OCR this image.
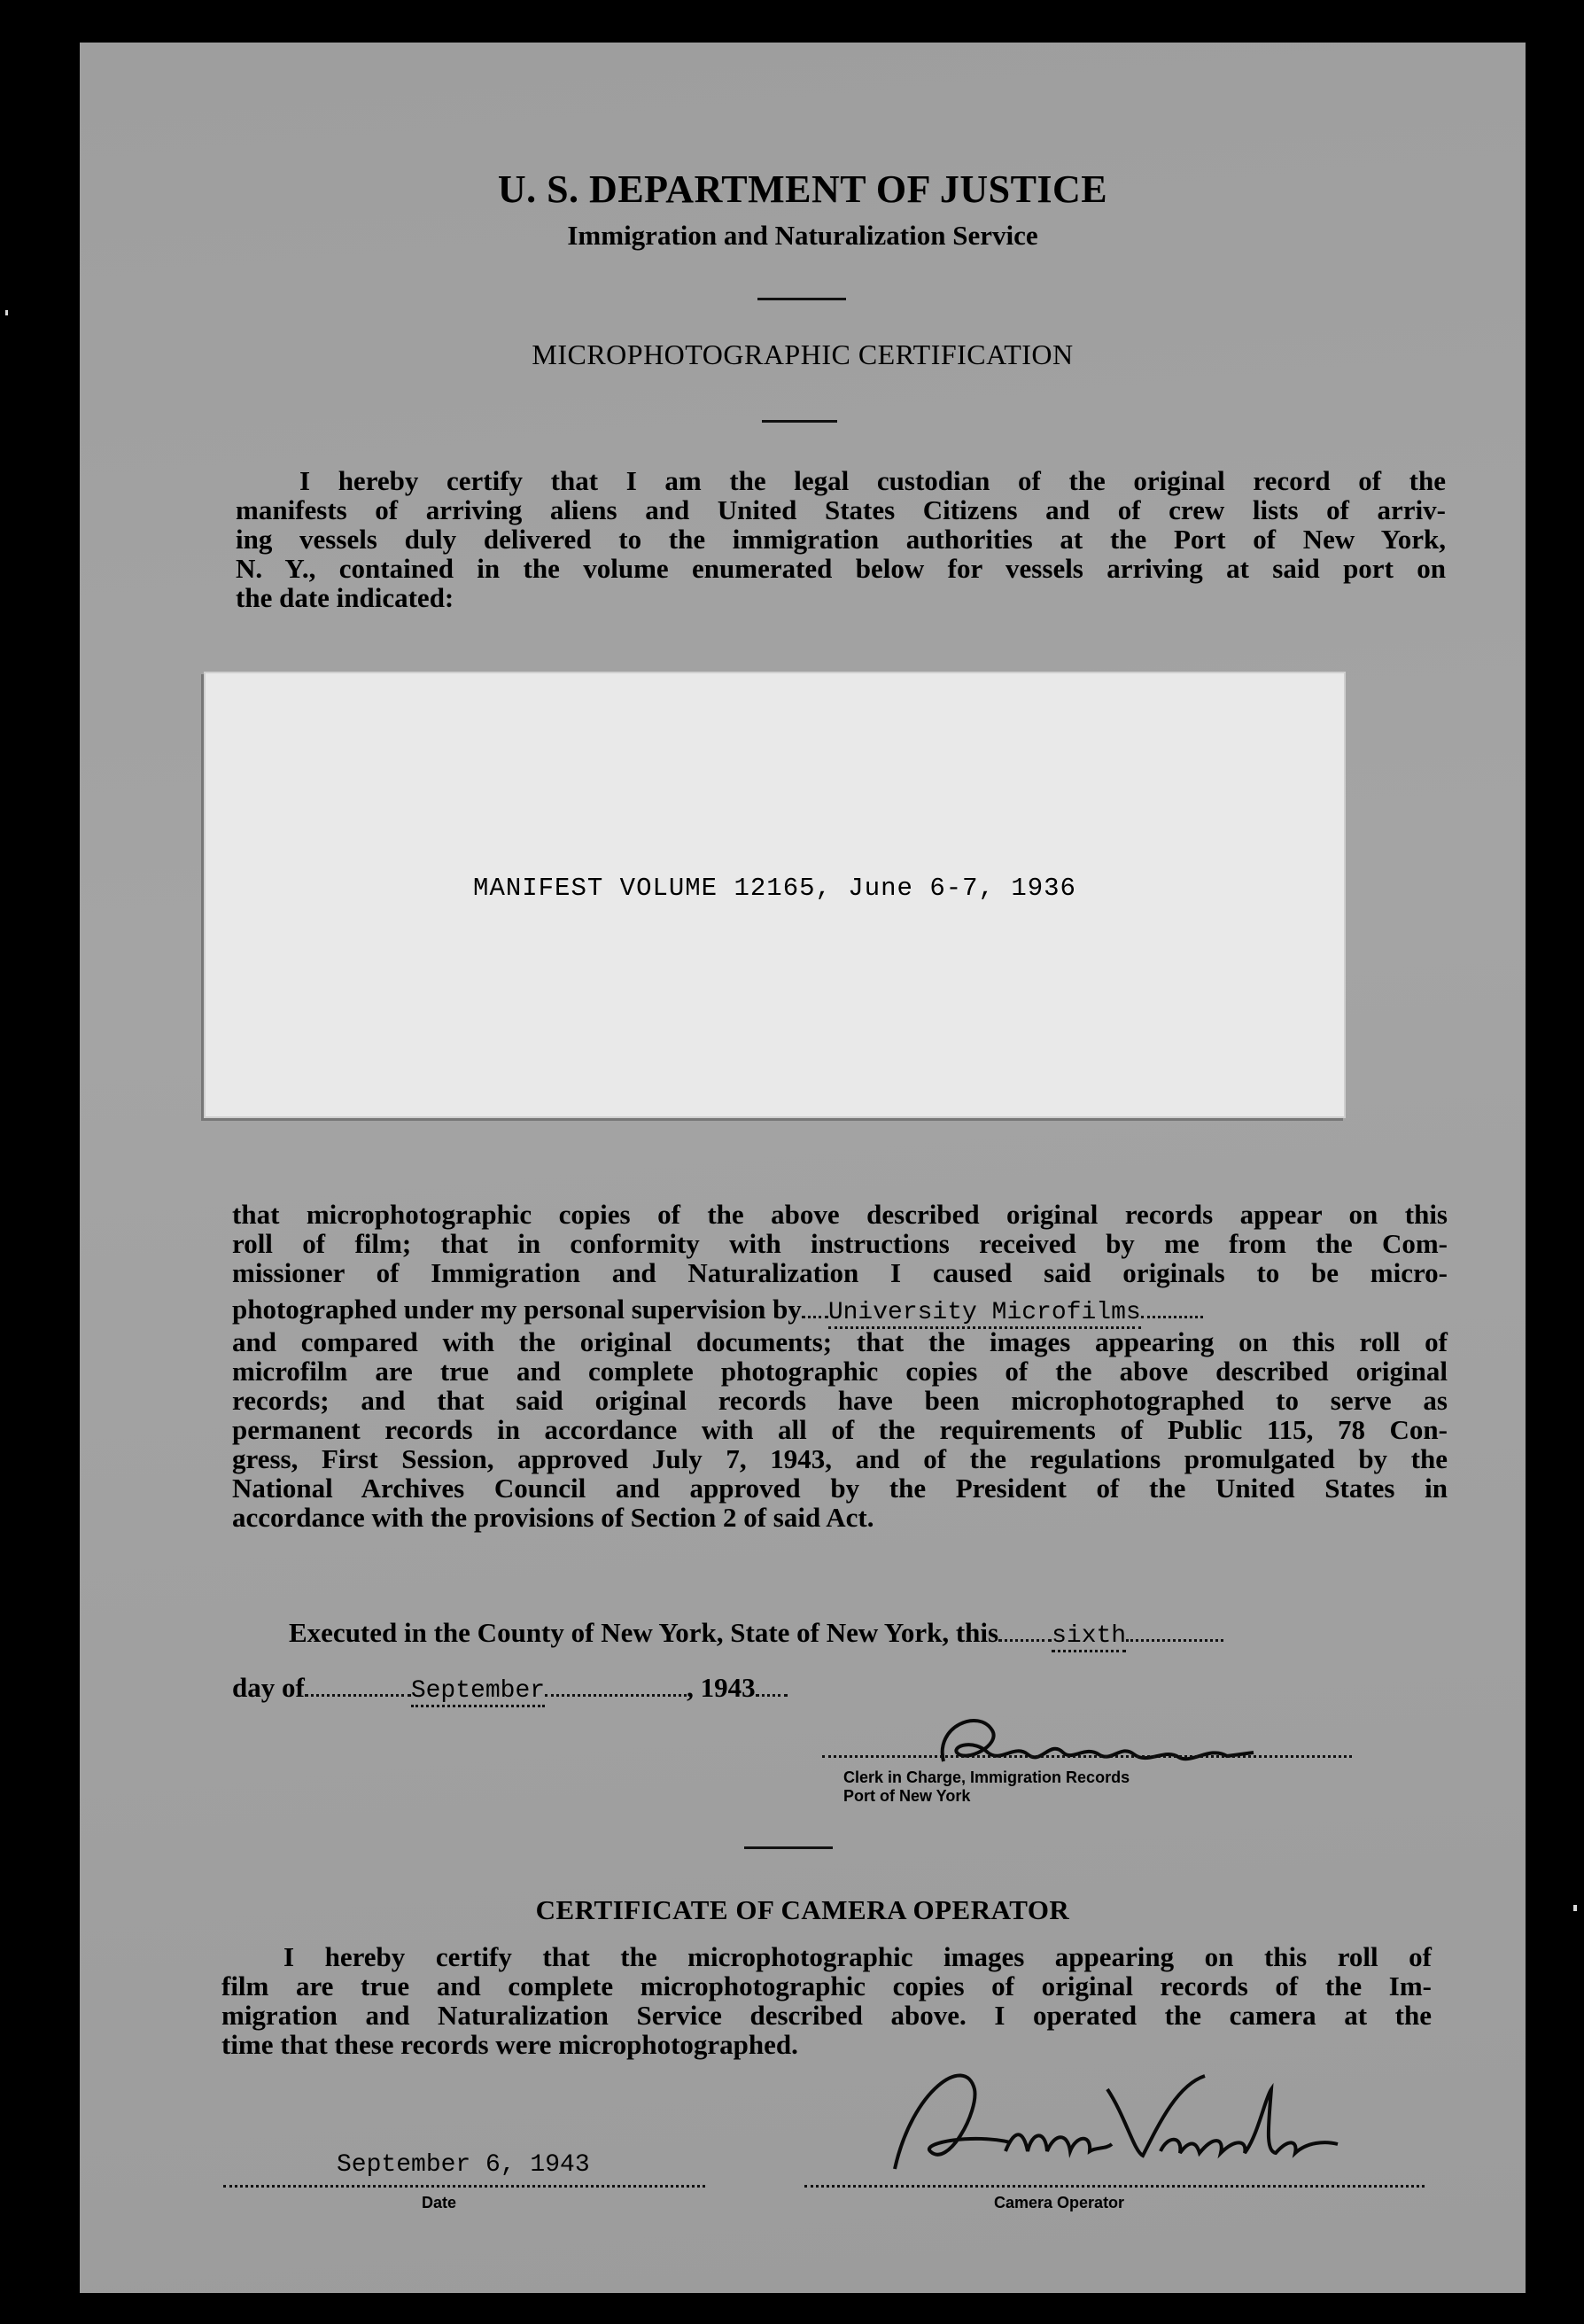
U. S. DEPARTMENT OF JUSTICE
Immigration and Naturalization Service
MICROPHOTOGRAPHIC CERTIFICATION
I hereby certify that I am the legal custodian of the original record of the
manifests of arriving aliens and United States Citizens and of crew lists of arriv-
ing vessels duly delivered to the immigration authorities at the Port of New York,
N. Y., contained in the volume enumerated below for vessels arriving at said port on
the date indicated:
MANIFEST VOLUME 12165, June 6-7, 1936
that microphotographic copies of the above described original records appear on this
roll of film; that in conformity with instructions received by me from the Com-
missioner of Immigration and Naturalization I caused said originals to be micro-
photographed under my personal supervision by University Microfilms
and compared with the original documents; that the images appearing on this roll of
microfilm are true and complete photographic copies of the above described original
records; and that said original records have been microphotographed to serve as
permanent records in accordance with all of the requirements of Public 115, 78 Con-
gress, First Session, approved July 7, 1943, and of the regulations promulgated by the
National Archives Council and approved by the President of the United States in
accordance with the provisions of Section 2 of said Act.
Executed in the County of New York, State of New York, this sixth
day of	September	, 1943
Clerk in Charge, Immigration Records
Port of New York
CERTIFICATE OF CAMERA OPERATOR
I hereby certify that the microphotographic images appearing on this roll of
film are true and complete microphotographic copies of original records of the Im-
migration and Naturalization Service described above. I operated the camera at the
time that these records were microphotographed.
September 6, 1943
Date	Camera Operator
